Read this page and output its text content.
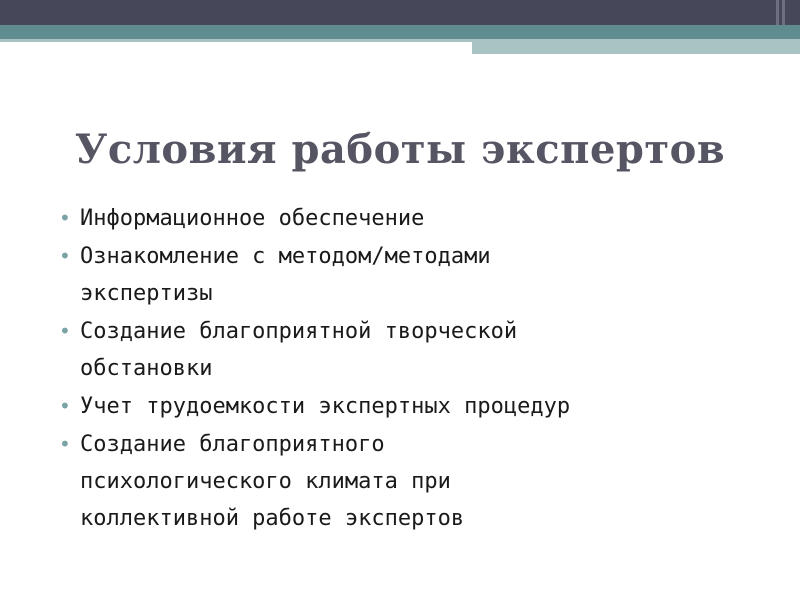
Условия работы экспертов
• Информационное обеспечение
• Ознакомление с методом/методами
экспертизы
• Создание благоприятной творческой
обстановки
• Учет трудоемкости экспертных процедур
• Создание благоприятного
психологического климата при
коллективной работе экспертов
